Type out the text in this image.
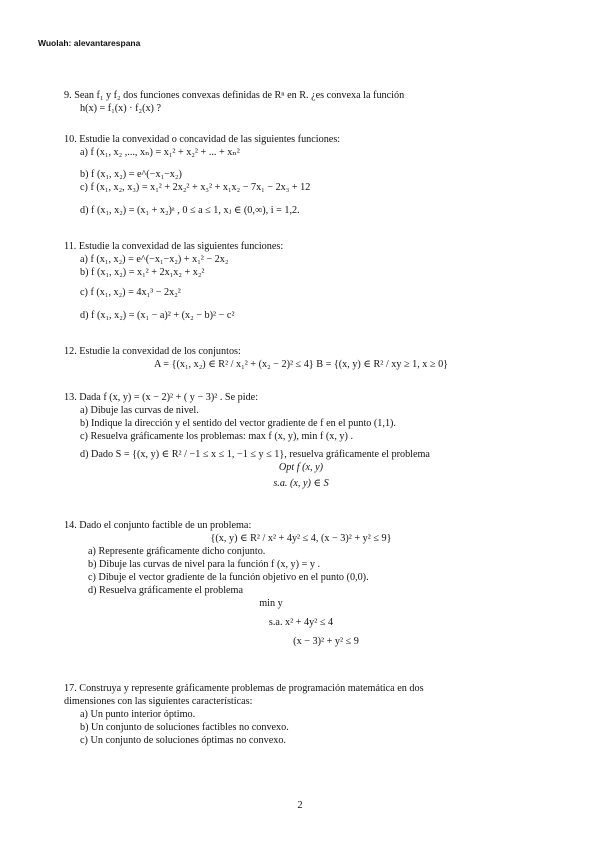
Wuolah: alevantarespana

9. Sean f₁ y f₂ dos funciones convexas definidas de Rⁿ en R. ¿es convexa la función

h(x) = f₁(x) · f₂(x) ?

10. Estudie la convexidad o concavidad de las siguientes funciones:

a) f (x₁, x₂ ,..., xₙ) = x₁² + x₂² + ... + xₙ²

b) f (x₁, x₂) = e^(−x₁−x₂)

c) f (x₁, x₂, x₃) = x₁² + 2x₂² + x₃² + x₁x₂ − 7x₁ − 2x₃ + 12

d) f (x₁, x₂) = (x₁ + x₂)ᵃ , 0 ≤ a ≤ 1, xⱼ ∈ (0,∞), i = 1,2.

11. Estudie la convexidad de las siguientes funciones:

a) f (x₁, x₂) = e^(−x₁−x₂) + x₁² − 2x₂

b) f (x₁, x₂) = x₁² + 2x₁x₂ + x₂²

c) f (x₁, x₂) = 4x₁³ − 2x₂²

d) f (x₁, x₂) = (x₁ − a)² + (x₂ − b)² − c²

12. Estudie la convexidad de los conjuntos:

A = {(x₁, x₂) ∈ R² / x₁² + (x₂ − 2)² ≤ 4} B = {(x, y) ∈ R² / xy ≥ 1, x ≥ 0}

13. Dada f (x, y) = (x − 2)² + ( y − 3)² . Se pide:

a) Dibuje las curvas de nivel.

b) Indique la dirección y el sentido del vector gradiente de f en el punto (1,1).

c) Resuelva gráficamente los problemas: max f (x, y), min f (x, y) .

d) Dado S = {(x, y) ∈ R² / −1 ≤ x ≤ 1, −1 ≤ y ≤ 1}, resuelva gráficamente el problema

Opt f (x, y)

s.a. (x, y) ∈ S

14. Dado el conjunto factible de un problema:

{(x, y) ∈ R² / x² + 4y² ≤ 4, (x − 3)² + y² ≤ 9}

a) Represente gráficamente dicho conjunto.

b) Dibuje las curvas de nivel para la función f (x, y) = y .

c) Dibuje el vector gradiente de la función objetivo en el punto (0,0).

d) Resuelva gráficamente el problema

min y

s.a. x² + 4y² ≤ 4

(x − 3)² + y² ≤ 9

17. Construya y represente gráficamente problemas de programación matemática en dos

dimensiones con las siguientes características:

a) Un punto interior óptimo.

b) Un conjunto de soluciones factibles no convexo.

c) Un conjunto de soluciones óptimas no convexo.

2
